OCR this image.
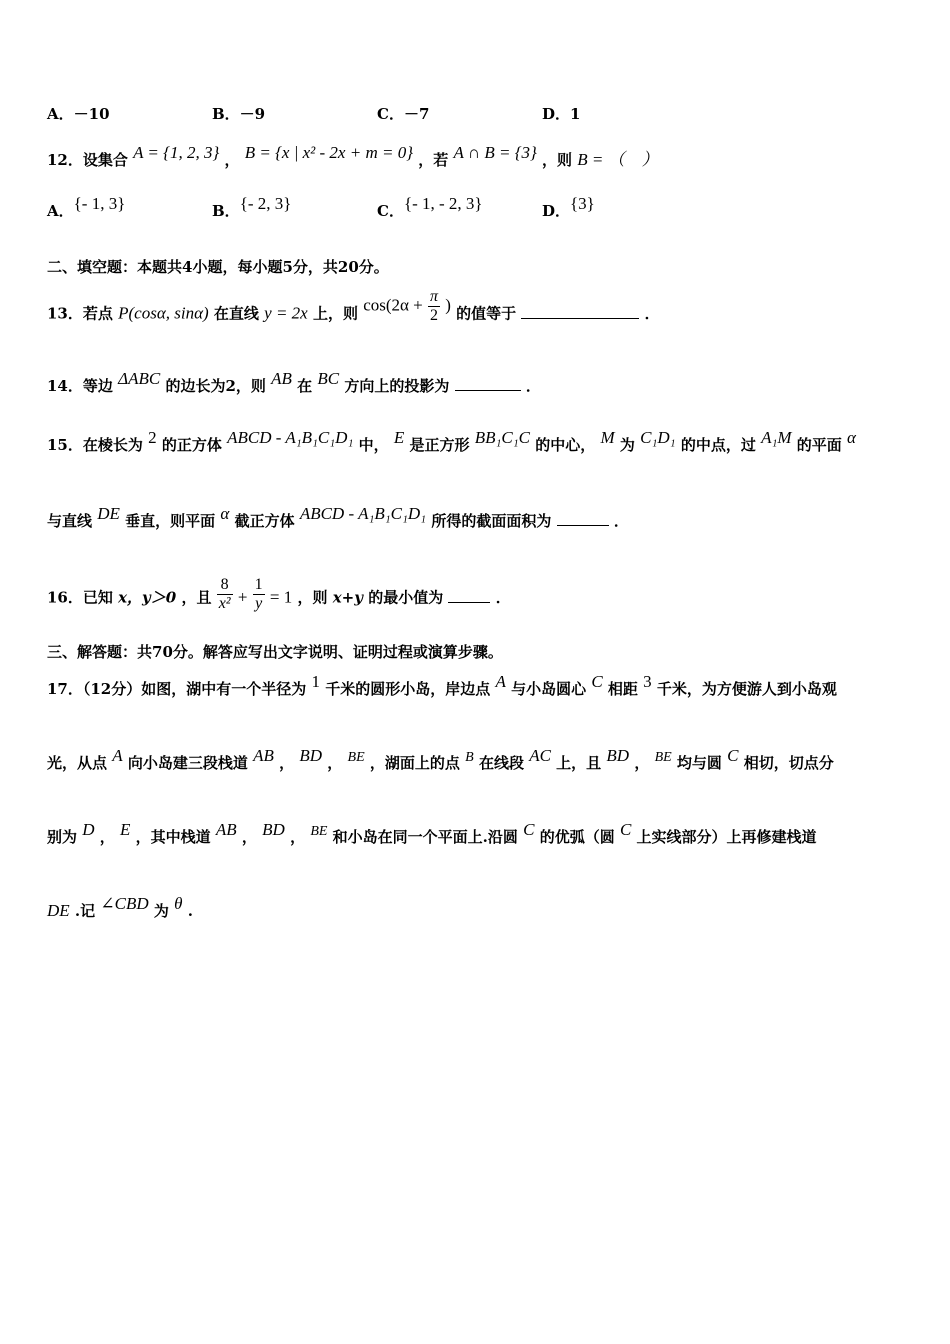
A．－10	B．－9	C．－7	D．1
12．设集合 A = {1, 2, 3} ， B = {x | x² - 2x + m = 0} ，若 A ∩ B = {3} ，则 B = （　）
A．{- 1, 3}	B．{- 2, 3}	C．{- 1, - 2, 3}	D．{3}
二、填空题：本题共4小题，每小题5分，共20分。
13．若点 P(cosα, sinα) 在直线 y = 2x 上，则 $\cos(2\alpha + \frac{\pi}{2}$ ) 的值等于	．
14．等边 ΔABC 的边长为2，则 AB 在 BC 方向上的投影为	．
15．在棱长为 2 的正方体 ABCD - A₁B₁C₁D₁ 中， E 是正方形 BB₁C₁C 的中心， M 为 C₁D₁ 的中点，过 A₁M 的平面 α
与直线 DE 垂直，则平面 α 截正方体 ABCD - A₁B₁C₁D₁ 所得的截面面积为	．
16．已知 x，y＞0 ，且 $\frac{8}{\text{x²}} + \frac{1}{y} = 1$ ，则 x+y 的最小值为	．
三、解答题：共70分。解答应写出文字说明、证明过程或演算步骤。
17．（12分）如图，湖中有一个半径为 1 千米的圆形小岛，岸边点 A 与小岛圆心 C 相距 3 千米，为方便游人到小岛观
光，从点 A 向小岛建三段栈道 AB ， BD ， BE ，湖面上的点 B 在线段 AC 上，且 BD ， BE 均与圆 C 相切，切点分
别为 D ， E ，其中栈道 AB ， BD ， BE 和小岛在同一个平面上.沿圆 C 的优弧（圆 C 上实线部分）上再修建栈道
DE .记 ∠CBD 为 θ .
